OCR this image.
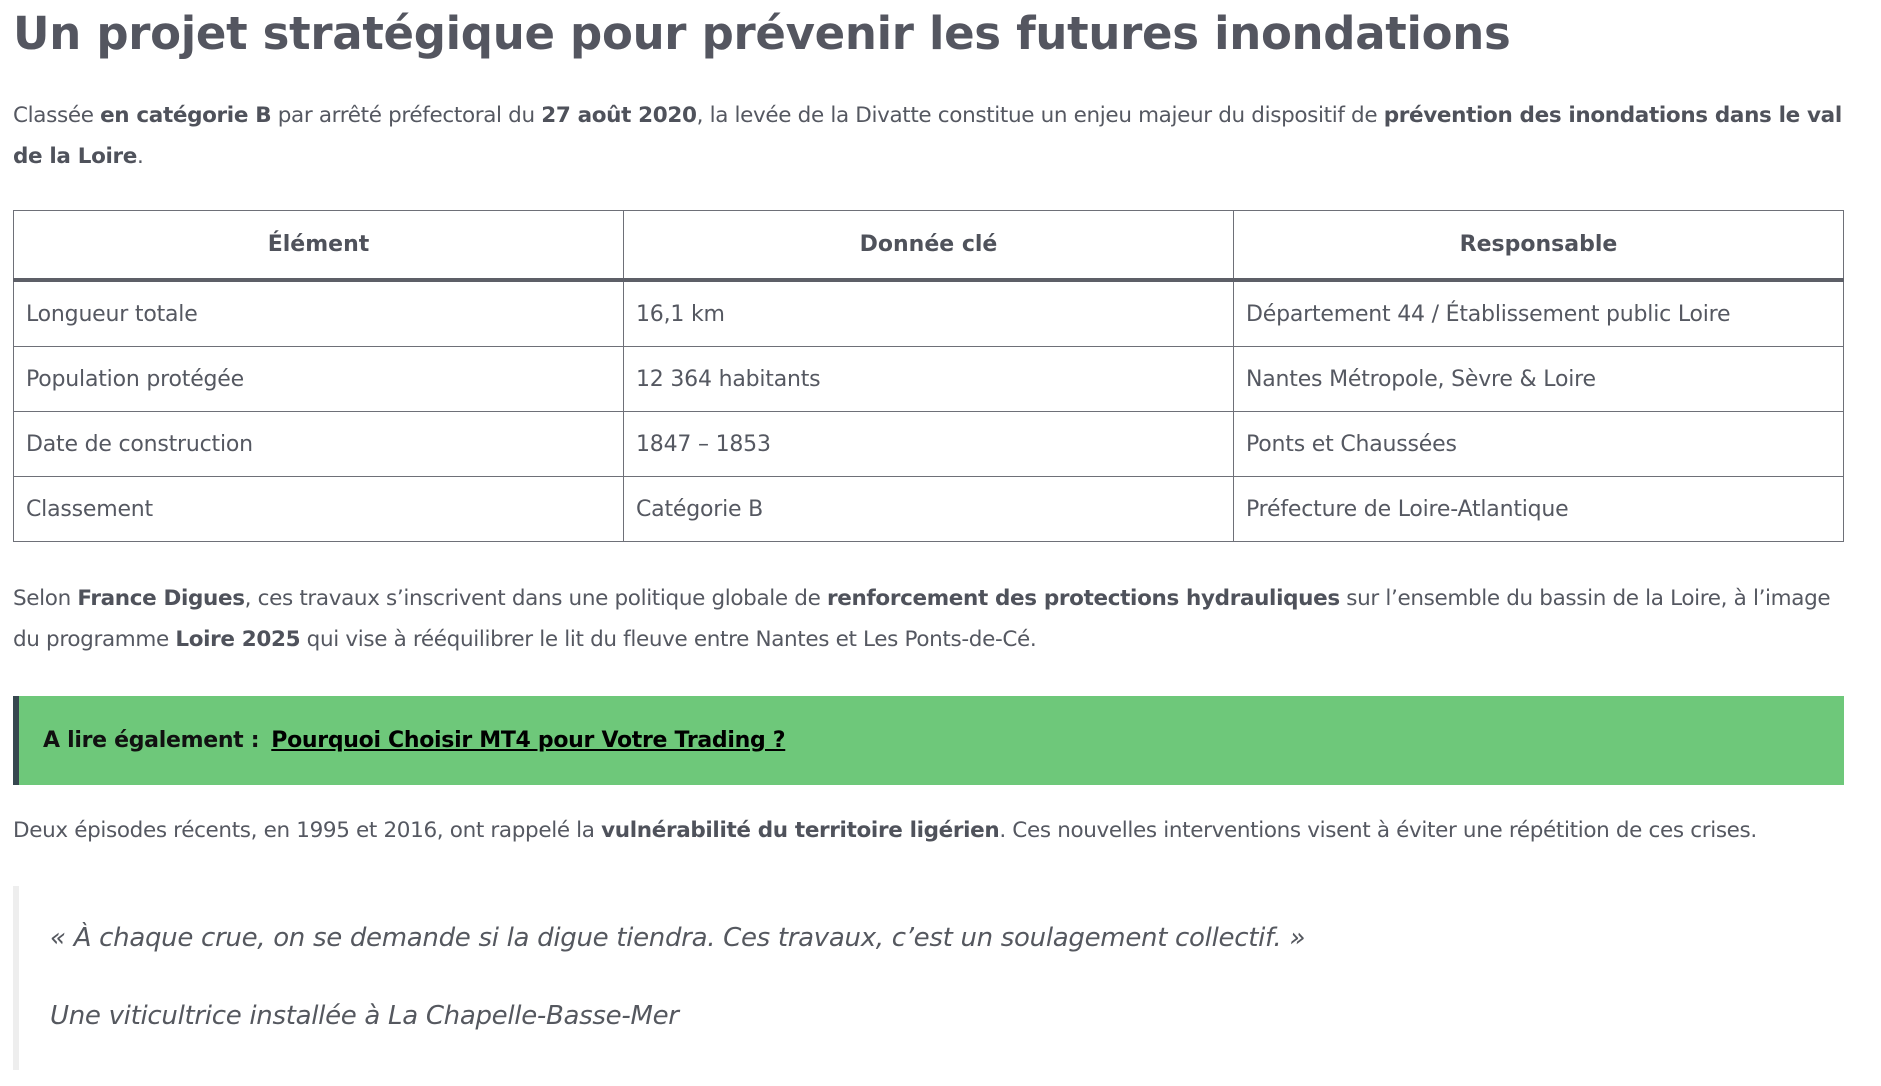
Un projet stratégique pour prévenir les futures inondations

Classée en catégorie B par arrêté préfectoral du 27 août 2020, la levée de la Divatte constitue un enjeu majeur du dispositif de prévention des inondations dans le val de la Loire.

Élément	Donnée clé	Responsable
Longueur totale	16,1 km	Département 44 / Établissement public Loire
Population protégée	12 364 habitants	Nantes Métropole, Sèvre & Loire
Date de construction	1847 – 1853	Ponts et Chaussées
Classement	Catégorie B	Préfecture de Loire-Atlantique

Selon France Digues, ces travaux s’inscrivent dans une politique globale de renforcement des protections hydrauliques sur l’ensemble du bassin de la Loire, à l’image du programme Loire 2025 qui vise à rééquilibrer le lit du fleuve entre Nantes et Les Ponts-de-Cé.

A lire également : Pourquoi Choisir MT4 pour Votre Trading ?

Deux épisodes récents, en 1995 et 2016, ont rappelé la vulnérabilité du territoire ligérien. Ces nouvelles interventions visent à éviter une répétition de ces crises.

« À chaque crue, on se demande si la digue tiendra. Ces travaux, c’est un soulagement collectif. »

Une viticultrice installée à La Chapelle-Basse-Mer
